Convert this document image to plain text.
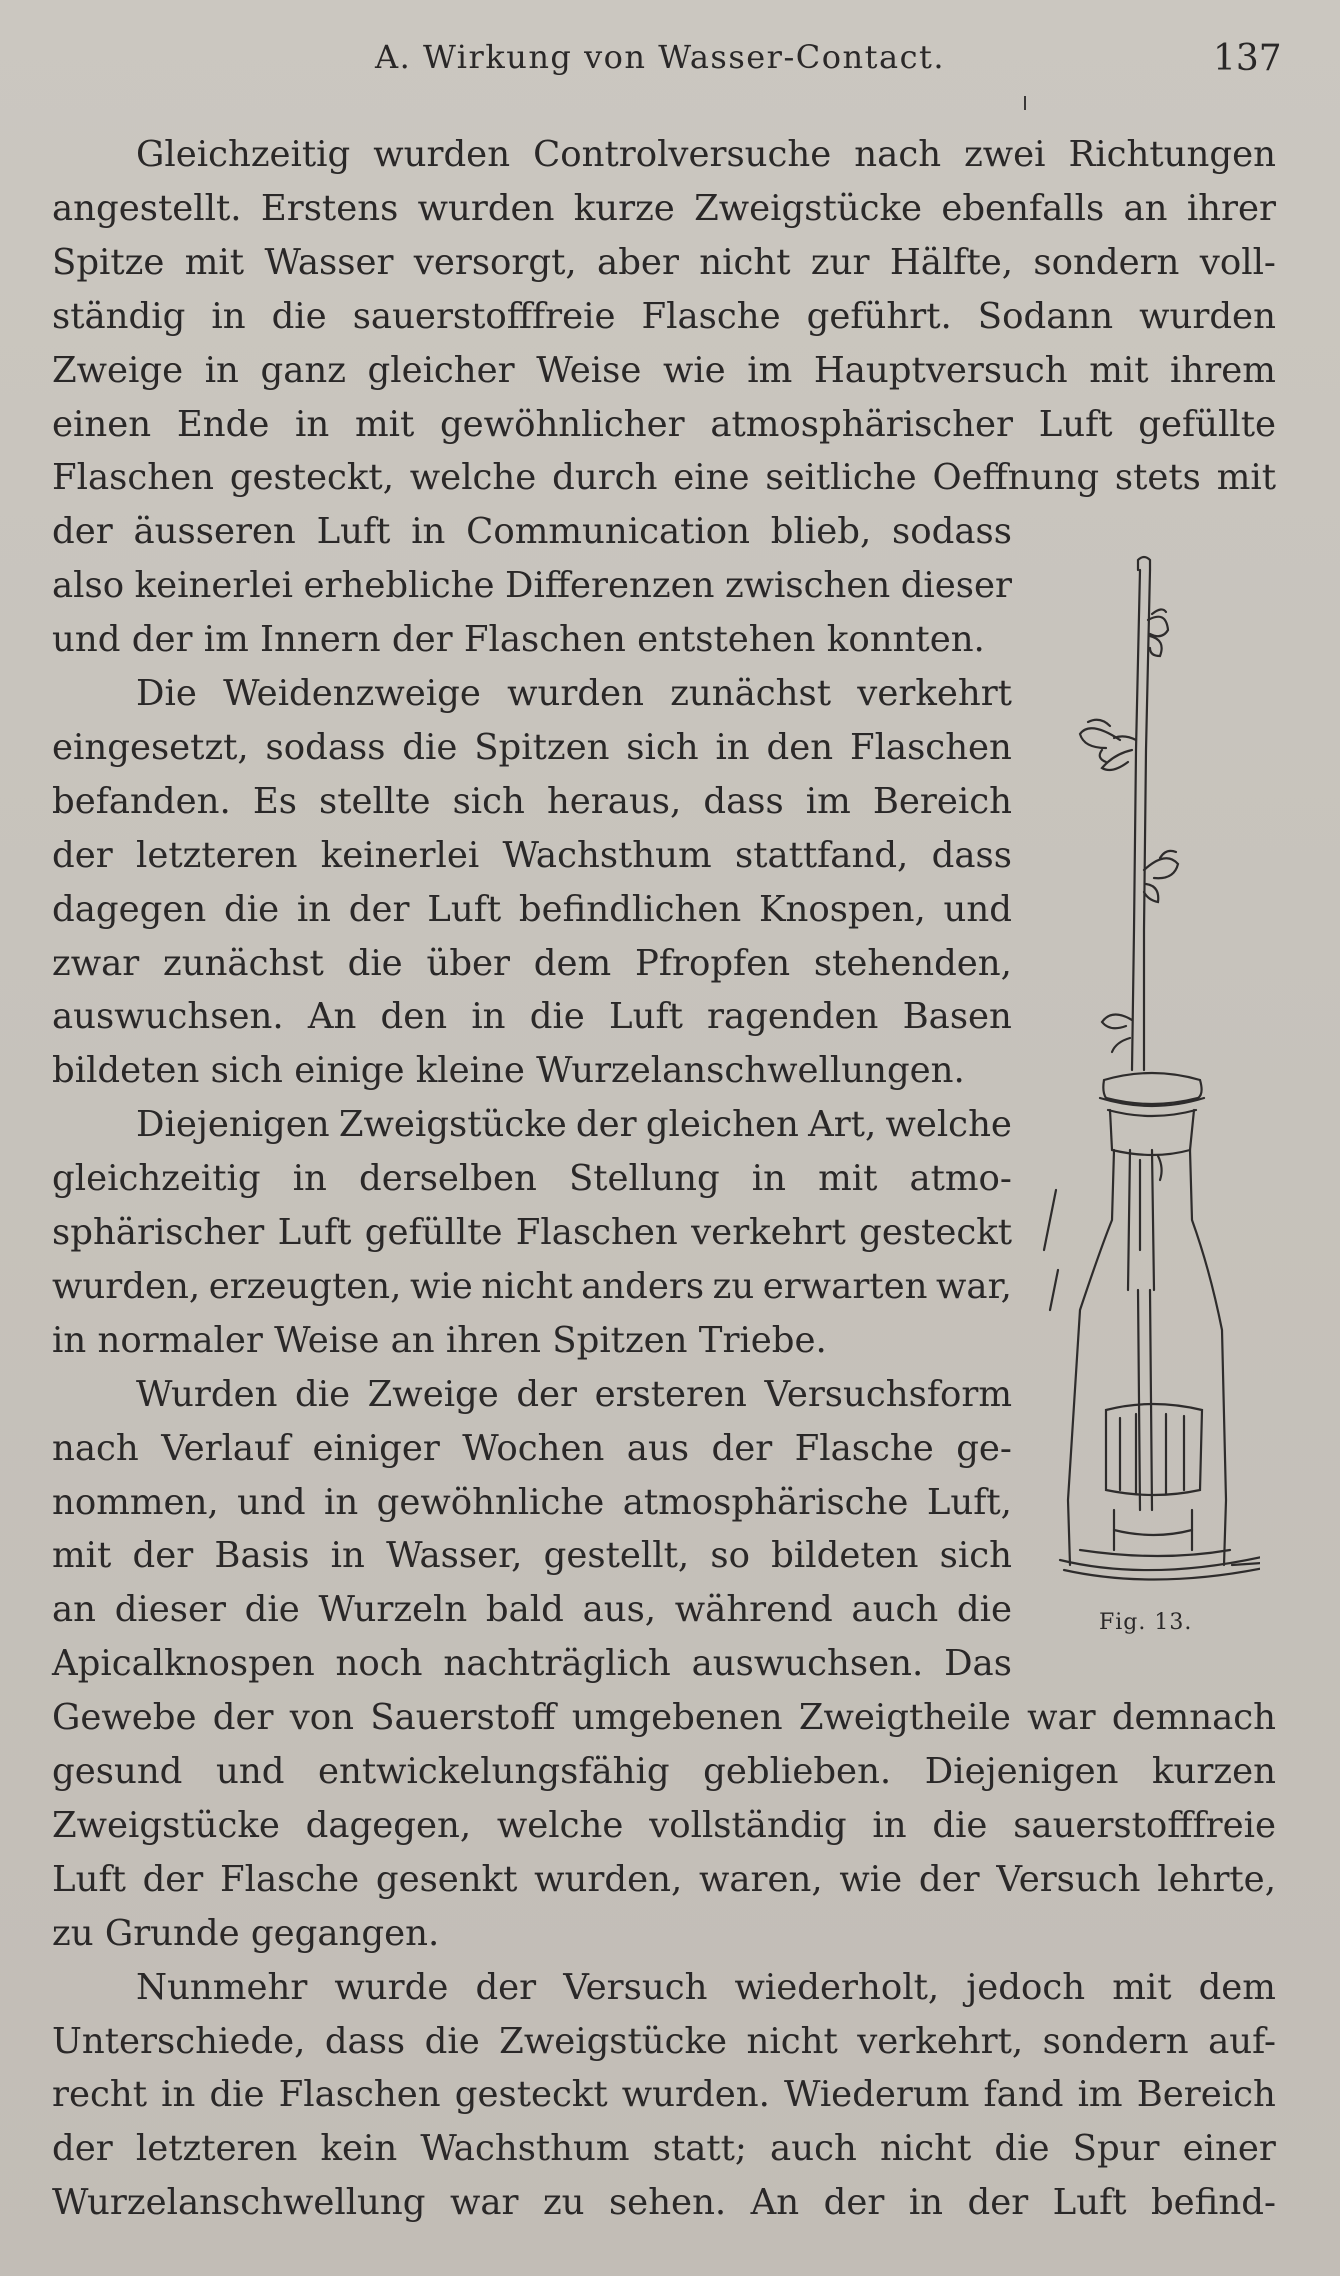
A. Wirkung von Wasser-Contact.	137
Gleichzeitig wurden Controlversuche nach zwei Richtungen
angestellt. Erstens wurden kurze Zweigstücke ebenfalls an ihrer
Spitze mit Wasser versorgt, aber nicht zur Hälfte, sondern voll-
ständig in die sauerstofffreie Flasche geführt. Sodann wurden
Zweige in ganz gleicher Weise wie im Hauptversuch mit ihrem
einen Ende in mit gewöhnlicher atmosphärischer Luft gefüllte
Flaschen gesteckt, welche durch eine seitliche Oeffnung stets mit
der äusseren Luft in Communication blieb, sodass
also keinerlei erhebliche Differenzen zwischen dieser
und der im Innern der Flaschen entstehen konnten.
Die Weidenzweige wurden zunächst verkehrt
eingesetzt, sodass die Spitzen sich in den Flaschen
befanden. Es stellte sich heraus, dass im Bereich
der letzteren keinerlei Wachsthum stattfand, dass
dagegen die in der Luft befindlichen Knospen, und
zwar zunächst die über dem Pfropfen stehenden,
auswuchsen. An den in die Luft ragenden Basen
bildeten sich einige kleine Wurzelanschwellungen.
Diejenigen Zweigstücke der gleichen Art, welche
gleichzeitig in derselben Stellung in mit atmo-
sphärischer Luft gefüllte Flaschen verkehrt gesteckt
wurden, erzeugten, wie nicht anders zu erwarten war,
in normaler Weise an ihren Spitzen Triebe.
Wurden die Zweige der ersteren Versuchsform
nach Verlauf einiger Wochen aus der Flasche ge-
nommen, und in gewöhnliche atmosphärische Luft,
mit der Basis in Wasser, gestellt, so bildeten sich
an dieser die Wurzeln bald aus, während auch die
Apicalknospen noch nachträglich auswuchsen. Das
Gewebe der von Sauerstoff umgebenen Zweigtheile war demnach
gesund und entwickelungsfähig geblieben. Diejenigen kurzen
Zweigstücke dagegen, welche vollständig in die sauerstofffreie
Luft der Flasche gesenkt wurden, waren, wie der Versuch lehrte,
zu Grunde gegangen.
Nunmehr wurde der Versuch wiederholt, jedoch mit dem
Unterschiede, dass die Zweigstücke nicht verkehrt, sondern auf-
recht in die Flaschen gesteckt wurden. Wiederum fand im Bereich
der letzteren kein Wachsthum statt; auch nicht die Spur einer
Wurzelanschwellung war zu sehen. An der in der Luft befind-
Fig. 13.
